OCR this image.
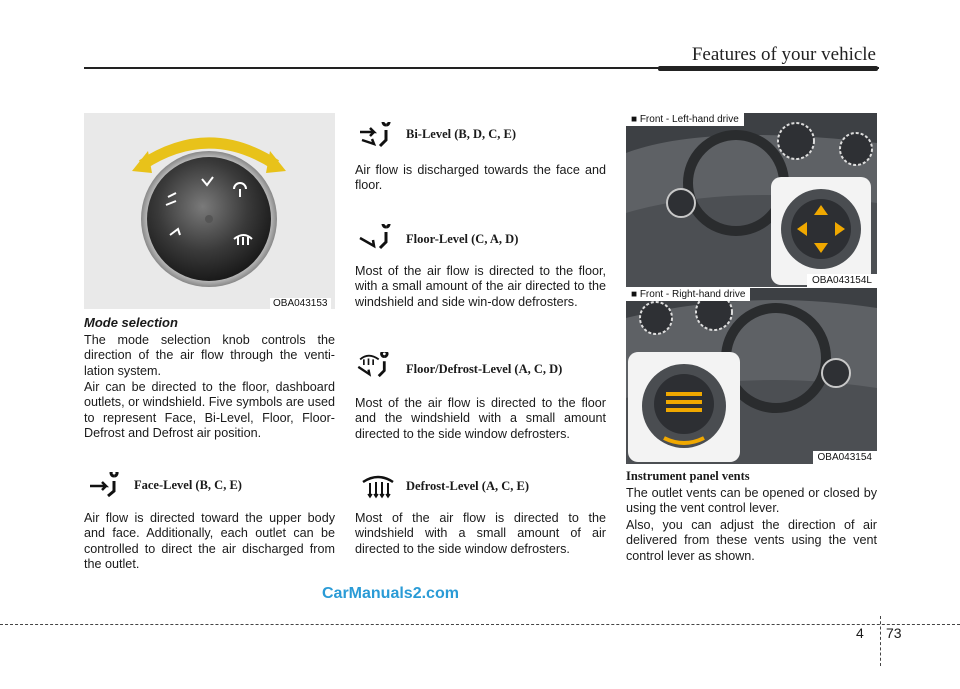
Features of your vehicle
OBA043153
Mode selection
The mode selection knob controls the direction of the air flow through the venti-lation system.
Air can be directed to the floor, dashboard outlets, or windshield. Five symbols are used to represent Face, Bi-Level, Floor, Floor-Defrost and Defrost air position.
Face-Level (B, C, E)
Air flow is directed toward the upper body and face. Additionally, each outlet can be controlled to direct the air discharged from the outlet.
Bi-Level (B, D, C, E)
Air flow is discharged towards the face and floor.
Floor-Level (C, A, D)
Most of the air flow is directed to the floor, with a small amount of the air directed to the windshield and side win-dow defrosters.
Floor/Defrost-Level (A, C, D)
Most of the air flow is directed to the floor and the windshield with a small amount directed to the side window defrosters.
Defrost-Level (A, C, E)
Most of the air flow is directed to the windshield with a small amount of air directed to the side window defrosters.
■ Front - Left-hand drive
OBA043154L
■ Front - Right-hand drive
OBA043154
Instrument panel vents
The outlet vents can be opened or closed by using the vent control lever.
Also, you can adjust the direction of air delivered from these vents using the vent control lever as shown.
4 73
CarManuals2.com
